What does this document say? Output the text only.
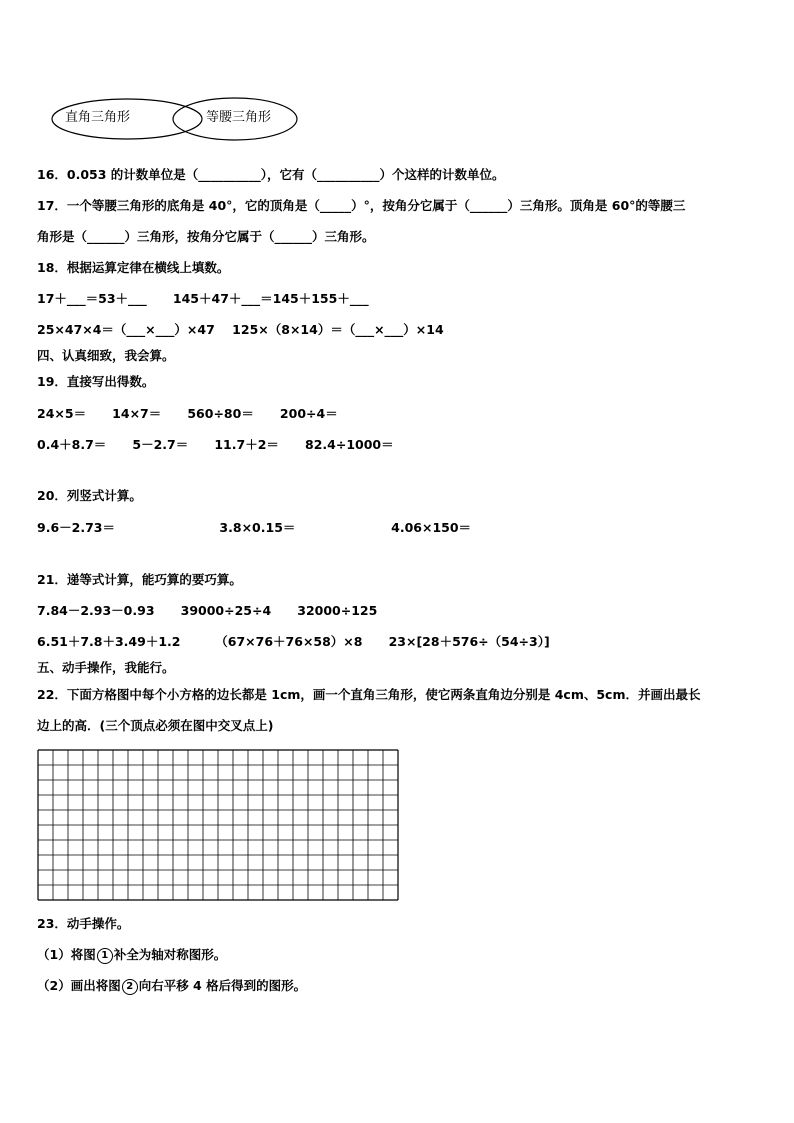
直角三角形	等腰三角形
16．0.053 的计数单位是（__________），它有（__________）个这样的计数单位。
17．一个等腰三角形的底角是 40°，它的顶角是（_____）°，按角分它属于（______）三角形。顶角是 60°的等腰三
角形是（______）三角形，按角分它属于（______）三角形。
18．根据运算定律在横线上填数。
17＋___＝53＋___      145＋47＋___＝145＋155＋___
25×47×4＝（___×___）×47    125×（8×14）＝（___×___）×14
四、认真细致，我会算。
19．直接写出得数。
24×5＝      14×7＝      560÷80＝      200÷4＝
0.4＋8.7＝      5－2.7＝      11.7＋2＝      82.4÷1000＝
20．列竖式计算。
9.6－2.73＝                        3.8×0.15＝                      4.06×150＝
21．递等式计算，能巧算的要巧算。
7.84－2.93－0.93      39000÷25÷4      32000÷125
6.51＋7.8＋3.49＋1.2        （67×76＋76×58）×8      23×[28＋576÷（54÷3）]
五、动手操作，我能行。
22．下面方格图中每个小方格的边长都是 1cm，画一个直角三角形，使它两条直角边分别是 4cm、5cm．并画出最长
边上的高．(三个顶点必须在图中交叉点上)
23．动手操作。
（1）将图 1 补全为轴对称图形。
（2）画出将图 2 向右平移 4 格后得到的图形。
